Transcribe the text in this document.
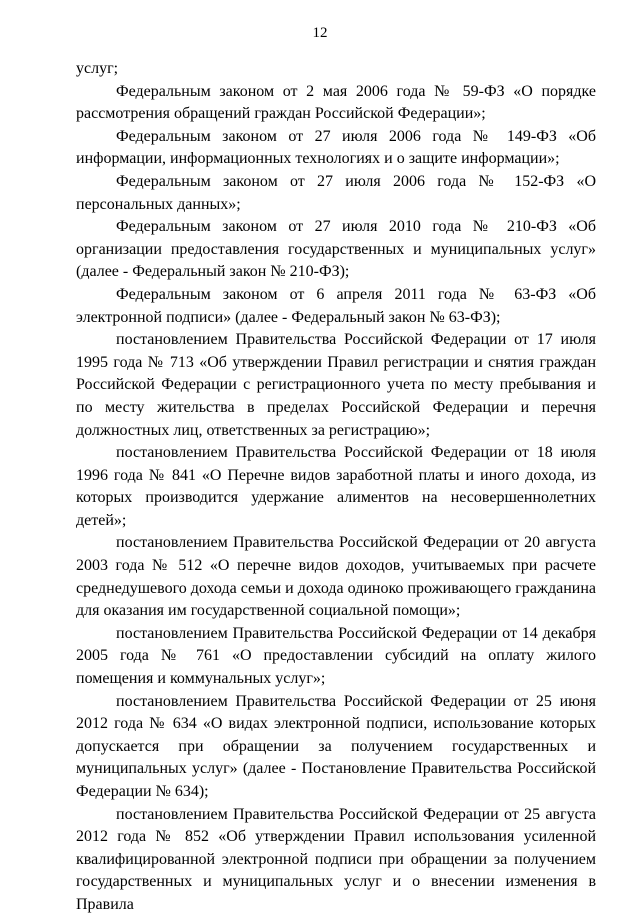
12

услуг;

Федеральным законом от 2 мая 2006 года № 59-ФЗ «О порядке рассмотрения обращений граждан Российской Федерации»;

Федеральным законом от 27 июля 2006 года № 149-ФЗ «Об информации, информационных технологиях и о защите информации»;

Федеральным законом от 27 июля 2006 года № 152-ФЗ «О персональных данных»;

Федеральным законом от 27 июля 2010 года № 210-ФЗ «Об организации предоставления государственных и муниципальных услуг» (далее - Федеральный закон № 210-ФЗ);

Федеральным законом от 6 апреля 2011 года № 63-ФЗ «Об электронной подписи» (далее - Федеральный закон № 63-ФЗ);

постановлением Правительства Российской Федерации от 17 июля 1995 года № 713 «Об утверждении Правил регистрации и снятия граждан Российской Федерации с регистрационного учета по месту пребывания и по месту жительства в пределах Российской Федерации и перечня должностных лиц, ответственных за регистрацию»;

постановлением Правительства Российской Федерации от 18 июля 1996 года № 841 «О Перечне видов заработной платы и иного дохода, из которых производится удержание алиментов на несовершеннолетних детей»;

постановлением Правительства Российской Федерации от 20 августа 2003 года № 512 «О перечне видов доходов, учитываемых при расчете среднедушевого дохода семьи и дохода одиноко проживающего гражданина для оказания им государственной социальной помощи»;

постановлением Правительства Российской Федерации от 14 декабря 2005 года № 761 «О предоставлении субсидий на оплату жилого помещения и коммунальных услуг»;

постановлением Правительства Российской Федерации от 25 июня 2012 года № 634 «О видах электронной подписи, использование которых допускается при обращении за получением государственных и муниципальных услуг» (далее - Постановление Правительства Российской Федерации № 634);

постановлением Правительства Российской Федерации от 25 августа 2012 года № 852 «Об утверждении Правил использования усиленной квалифицированной электронной подписи при обращении за получением государственных и муниципальных услуг и о внесении изменения в Правила
